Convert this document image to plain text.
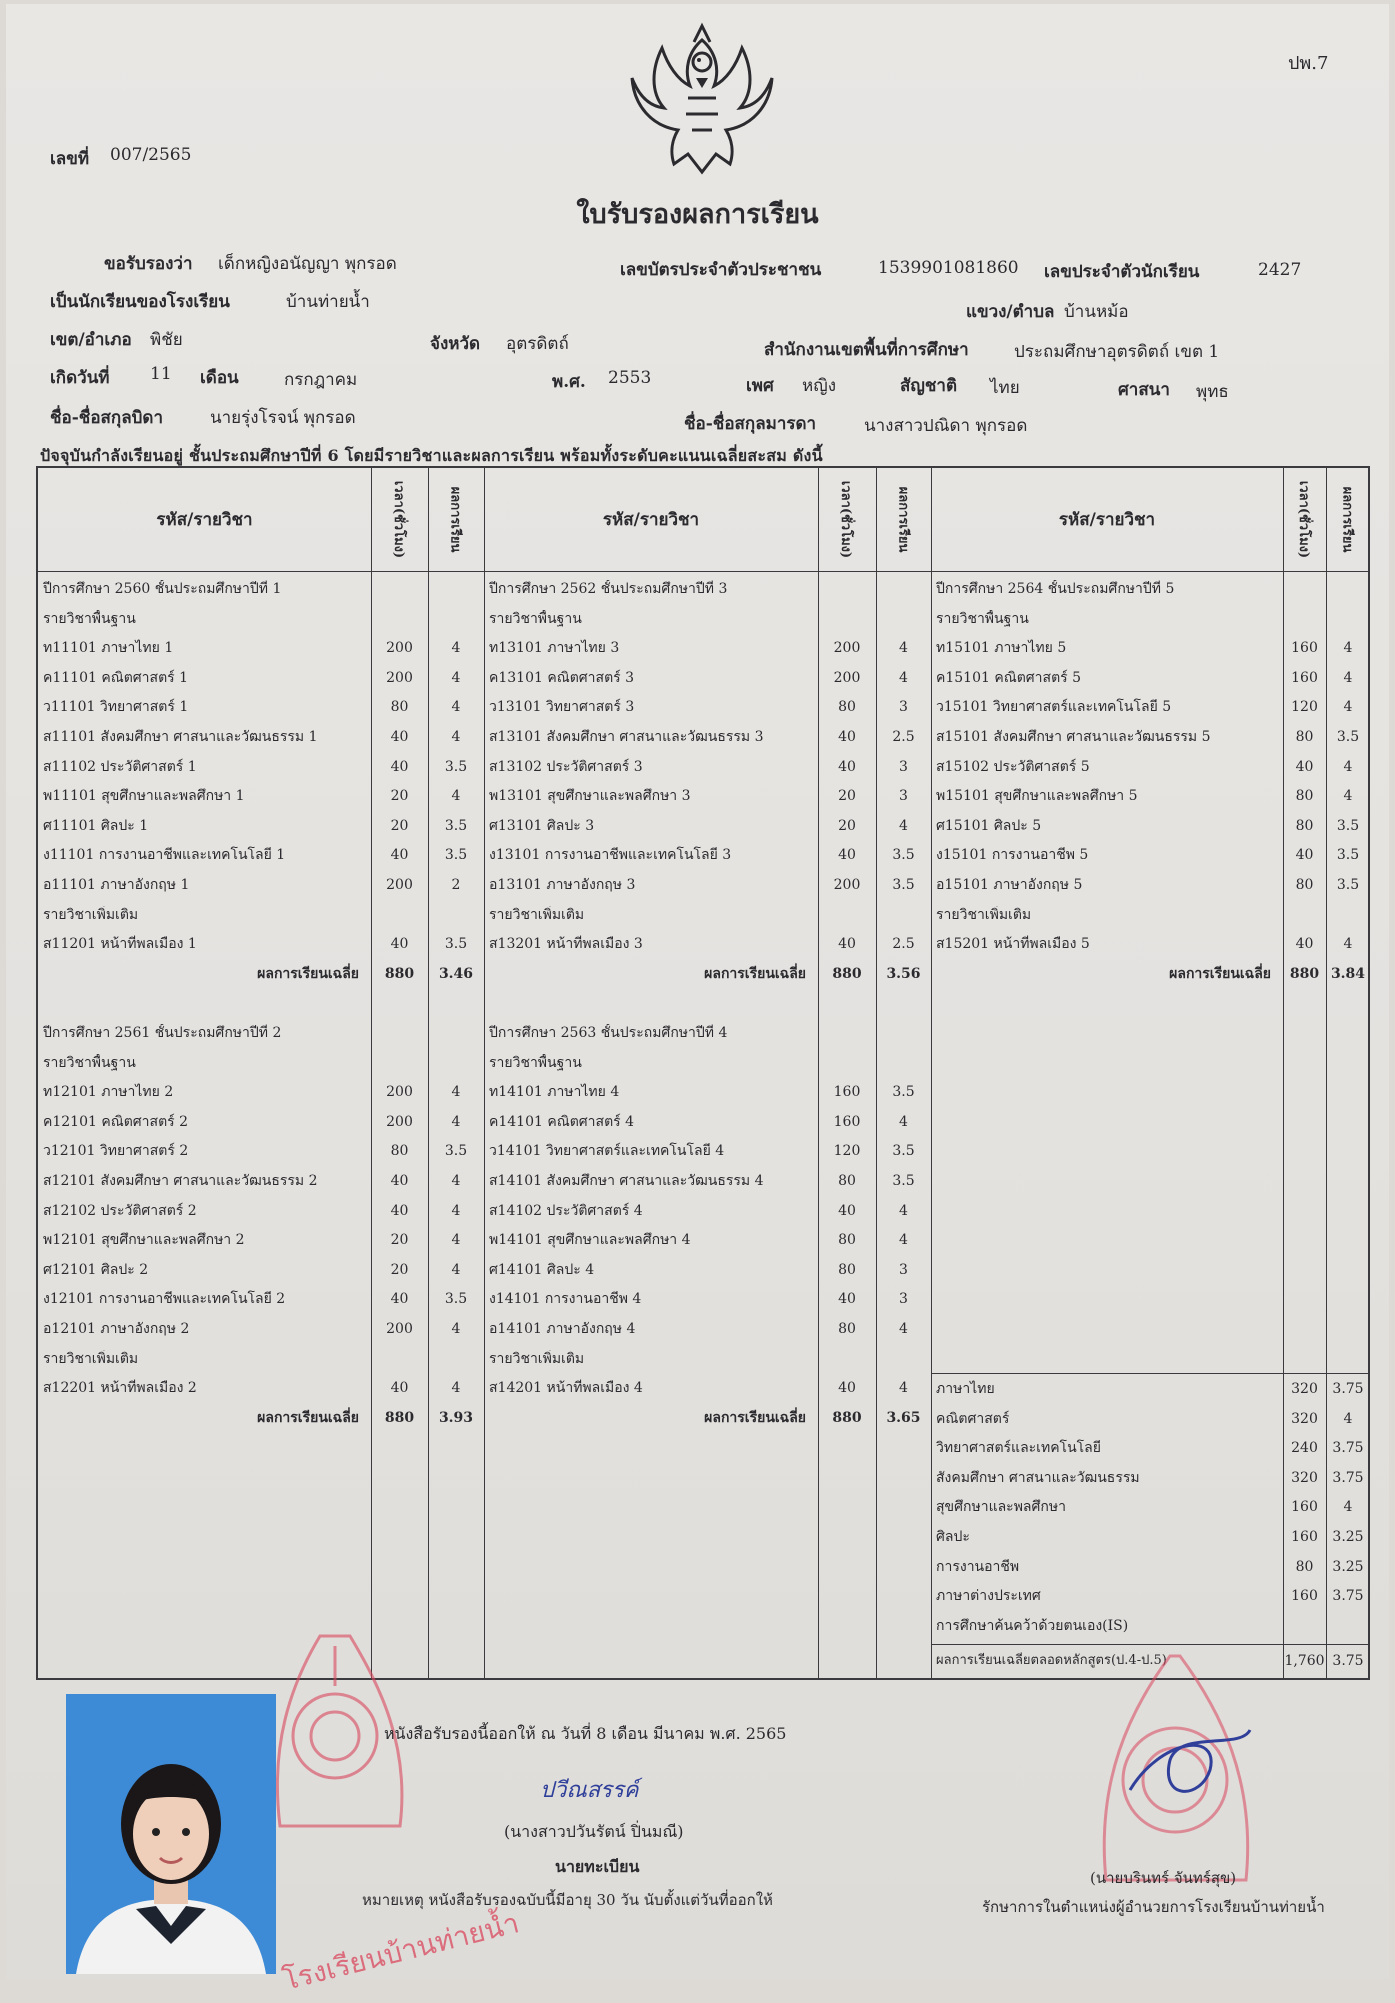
ปพ.7
เลขที่ 007/2565
ใบรับรองผลการเรียน
ขอรับรองว่า เด็กหญิงอนัญญา พุกรอด	เลขบัตรประจำตัวประชาชน	1539901081860 เลขประจำตัวนักเรียน	2427
เป็นนักเรียนของโรงเรียน	บ้านท่ายน้ำ	แขวง/ตำบล บ้านหม้อ
เขต/อำเภอ พิชัย	จังหวัด อุตรดิตถ์	สำนักงานเขตพื้นที่การศึกษา	ประถมศึกษาอุตรดิตถ์ เขต 1
เกิดวันที่ 11 เดือน	กรกฎาคม	พ.ศ. 2553	เพศ หญิง	สัญชาติ ไทย	ศาสนา พุทธ
ชื่อ-ชื่อสกุลบิดา	นายรุ่งโรจน์ พุกรอด	ชื่อ-ชื่อสกุลมารดา	นางสาวปณิดา พุกรอด
ปัจจุบันกำลังเรียนอยู่ ชั้นประถมศึกษาปีที่ 6 โดยมีรายวิชาและผลการเรียน พร้อมทั้งระดับคะแนนเฉลี่ยสะสม ดังนี้
รหัส/รายวิชา	เวลา(ชั่วโมง)	ผลการเรียน	รหัส/รายวิชา	เวลา(ชั่วโมง)	ผลการเรียน	รหัส/รายวิชา	เวลา(ชั่วโมง)	ผลการเรียน
ปีการศึกษา 2560 ชั้นประถมศึกษาปีที่ 1
รายวิชาพื้นฐาน
ท11101 ภาษาไทย 1	200	4
ค11101 คณิตศาสตร์ 1	200	4
ว11101 วิทยาศาสตร์ 1	80	4
ส11101 สังคมศึกษา ศาสนาและวัฒนธรรม 1	40	4
ส11102 ประวัติศาสตร์ 1	40	3.5
พ11101 สุขศึกษาและพลศึกษา 1	20	4
ศ11101 ศิลปะ 1	20	3.5
ง11101 การงานอาชีพและเทคโนโลยี 1	40	3.5
อ11101 ภาษาอังกฤษ 1	200	2
รายวิชาเพิ่มเติม
ส11201 หน้าที่พลเมือง 1	40	3.5
ผลการเรียนเฉลี่ย	880	3.46
ปีการศึกษา 2561 ชั้นประถมศึกษาปีที่ 2
รายวิชาพื้นฐาน
ท12101 ภาษาไทย 2	200	4
ค12101 คณิตศาสตร์ 2	200	4
ว12101 วิทยาศาสตร์ 2	80	3.5
ส12101 สังคมศึกษา ศาสนาและวัฒนธรรม 2	40	4
ส12102 ประวัติศาสตร์ 2	40	4
พ12101 สุขศึกษาและพลศึกษา 2	20	4
ศ12101 ศิลปะ 2	20	4
ง12101 การงานอาชีพและเทคโนโลยี 2	40	3.5
อ12101 ภาษาอังกฤษ 2	200	4
รายวิชาเพิ่มเติม
ส12201 หน้าที่พลเมือง 2	40	4
ผลการเรียนเฉลี่ย	880	3.93
ปีการศึกษา 2562 ชั้นประถมศึกษาปีที่ 3
รายวิชาพื้นฐาน
ท13101 ภาษาไทย 3	200	4
ค13101 คณิตศาสตร์ 3	200	4
ว13101 วิทยาศาสตร์ 3	80	3
ส13101 สังคมศึกษา ศาสนาและวัฒนธรรม 3	40	2.5
ส13102 ประวัติศาสตร์ 3	40	3
พ13101 สุขศึกษาและพลศึกษา 3	20	3
ศ13101 ศิลปะ 3	20	4
ง13101 การงานอาชีพและเทคโนโลยี 3	40	3.5
อ13101 ภาษาอังกฤษ 3	200	3.5
รายวิชาเพิ่มเติม
ส13201 หน้าที่พลเมือง 3	40	2.5
ผลการเรียนเฉลี่ย	880	3.56
ปีการศึกษา 2563 ชั้นประถมศึกษาปีที่ 4
รายวิชาพื้นฐาน
ท14101 ภาษาไทย 4	160	3.5
ค14101 คณิตศาสตร์ 4	160	4
ว14101 วิทยาศาสตร์และเทคโนโลยี 4	120	3.5
ส14101 สังคมศึกษา ศาสนาและวัฒนธรรม 4	80	3.5
ส14102 ประวัติศาสตร์ 4	40	4
พ14101 สุขศึกษาและพลศึกษา 4	80	4
ศ14101 ศิลปะ 4	80	3
ง14101 การงานอาชีพ 4	40	3
อ14101 ภาษาอังกฤษ 4	80	4
รายวิชาเพิ่มเติม
ส14201 หน้าที่พลเมือง 4	40	4
ผลการเรียนเฉลี่ย	880	3.65
ปีการศึกษา 2564 ชั้นประถมศึกษาปีที่ 5
รายวิชาพื้นฐาน
ท15101 ภาษาไทย 5	160	4
ค15101 คณิตศาสตร์ 5	160	4
ว15101 วิทยาศาสตร์และเทคโนโลยี 5	120	4
ส15101 สังคมศึกษา ศาสนาและวัฒนธรรม 5	80	3.5
ส15102 ประวัติศาสตร์ 5	40	4
พ15101 สุขศึกษาและพลศึกษา 5	80	4
ศ15101 ศิลปะ 5	80	3.5
ง15101 การงานอาชีพ 5	40	3.5
อ15101 ภาษาอังกฤษ 5	80	3.5
รายวิชาเพิ่มเติม
ส15201 หน้าที่พลเมือง 5	40	4
ผลการเรียนเฉลี่ย	880 3.84
ภาษาไทย	320	3.75
คณิตศาสตร์	320	4
วิทยาศาสตร์และเทคโนโลยี	240	3.75
สังคมศึกษา ศาสนาและวัฒนธรรม	320	3.75
สุขศึกษาและพลศึกษา	160	4
ศิลปะ	160	3.25
การงานอาชีพ	80	3.25
ภาษาต่างประเทศ	160	3.75
การศึกษาค้นคว้าด้วยตนเอง(IS)
ผลการเรียนเฉลี่ยตลอดหลักสูตร(ป.4-ป.5)	1,760 3.75
หนังสือรับรองนี้ออกให้ ณ วันที่ 8 เดือน มีนาคม พ.ศ. 2565
ปวีณสรรค์
(นางสาวปวันรัตน์ ปิ่นมณี)
นายทะเบียน
หมายเหตุ หนังสือรับรองฉบับนี้มีอายุ 30 วัน นับตั้งแต่วันที่ออกให้
(นายบรินทร์ จันทร์สุข)
รักษาการในตำแหน่งผู้อำนวยการโรงเรียนบ้านท่ายน้ำ
โรงเรียนบ้านท่ายน้ำ
